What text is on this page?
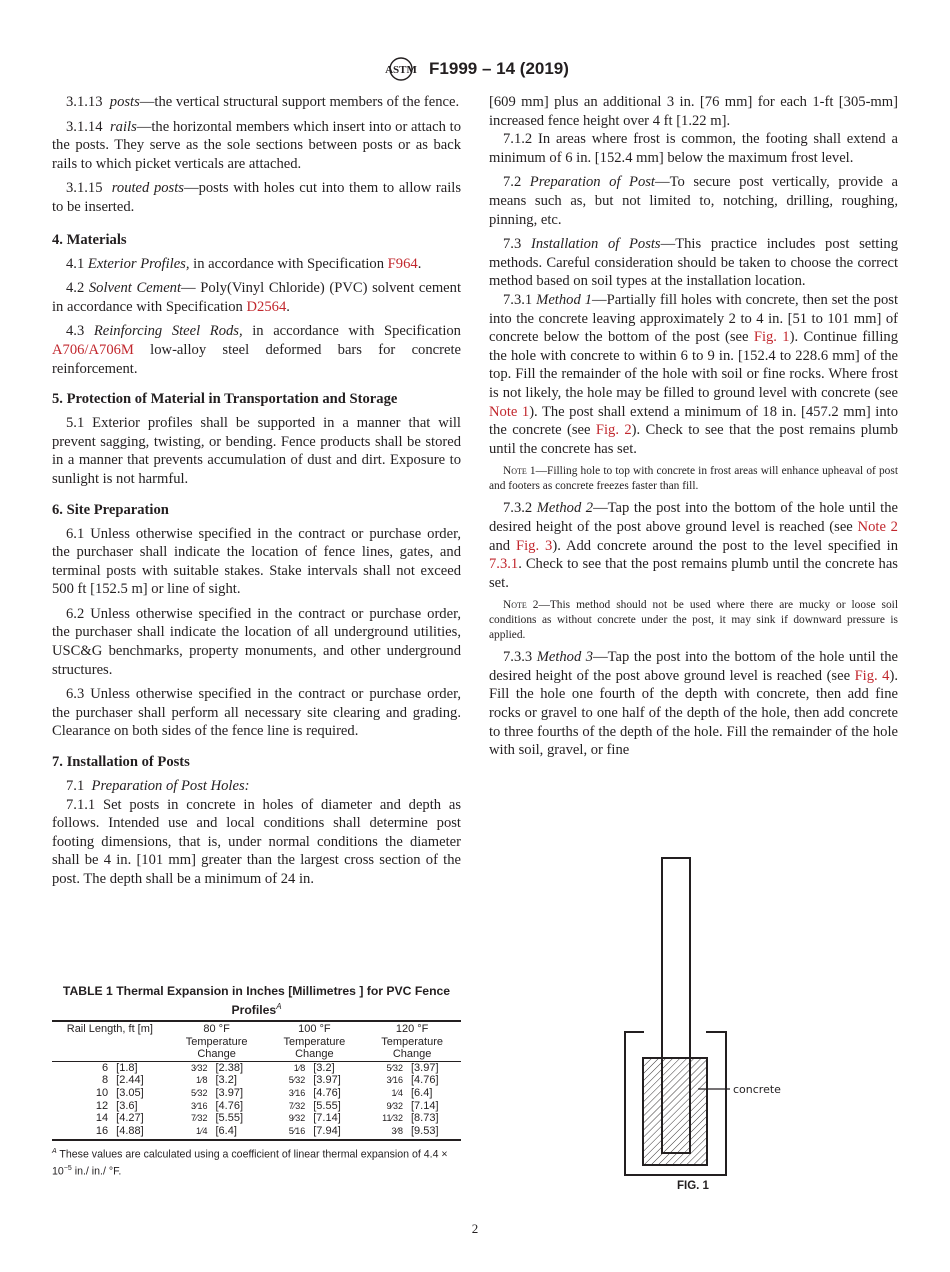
ASTM F1999 – 14 (2019)

3.1.13 posts—the vertical structural support members of the fence.

3.1.14 rails—the horizontal members which insert into or attach to the posts. They serve as the sole sections between posts or as back rails to which picket verticals are attached.

3.1.15 routed posts—posts with holes cut into them to allow rails to be inserted.

4. Materials

4.1 Exterior Profiles, in accordance with Specification F964.

4.2 Solvent Cement— Poly(Vinyl Chloride) (PVC) solvent cement in accordance with Specification D2564.

4.3 Reinforcing Steel Rods, in accordance with Specification A706/A706M low-alloy steel deformed bars for concrete reinforcement.

5. Protection of Material in Transportation and Storage

5.1 Exterior profiles shall be supported in a manner that will prevent sagging, twisting, or bending. Fence products shall be stored in a manner that prevents accumulation of dust and dirt. Exposure to sunlight is not harmful.

6. Site Preparation

6.1 Unless otherwise specified in the contract or purchase order, the purchaser shall indicate the location of fence lines, gates, and terminal posts with suitable stakes. Stake intervals shall not exceed 500 ft [152.5 m] or line of sight.

6.2 Unless otherwise specified in the contract or purchase order, the purchaser shall indicate the location of all underground utilities, USC&G benchmarks, property monuments, and other underground structures.

6.3 Unless otherwise specified in the contract or purchase order, the purchaser shall perform all necessary site clearing and grading. Clearance on both sides of the fence line is required.

7. Installation of Posts

7.1 Preparation of Post Holes:

7.1.1 Set posts in concrete in holes of diameter and depth as follows. Intended use and local conditions shall determine post footing dimensions, that is, under normal conditions the diameter shall be 4 in. [101 mm] greater than the largest cross section of the post. The depth shall be a minimum of 24 in.

TABLE 1 Thermal Expansion in Inches [Millimetres ] for PVC Fence Profiles$^A$
Rail Length, ft [m]		80 °F Temperature Change		100 °F Temperature Change		120 °F Temperature Change	
6	[1.8]	3⁄32	[2.38]	1⁄8	[3.2]	5⁄32	[3.97]
8	[2.44]	1⁄8	[3.2]	5⁄32	[3.97]	3⁄16	[4.76]
10	[3.05]	5⁄32	[3.97]	3⁄16	[4.76]	1⁄4	[6.4]
12	[3.6]	3⁄16	[4.76]	7⁄32	[5.55]	9⁄32	[7.14]
14	[4.27]	7⁄32	[5.55]	9⁄32	[7.14]	11⁄32	[8.73]
16	[4.88]	1⁄4	[6.4]	5⁄16	[7.94]	3⁄8	[9.53]
$^A$ These values are calculated using a coefficient of linear thermal expansion of $4.4 \times 10^{-5}$ in./ in./ °F.

[609 mm] plus an additional 3 in. [76 mm] for each 1-ft [305-mm] increased fence height over 4 ft [1.22 m].

7.1.2 In areas where frost is common, the footing shall extend a minimum of 6 in. [152.4 mm] below the maximum frost level.

7.2 Preparation of Post—To secure post vertically, provide a means such as, but not limited to, notching, drilling, roughing, pinning, etc.

7.3 Installation of Posts—This practice includes post setting methods. Careful consideration should be taken to choose the correct method based on soil types at the installation location.

7.3.1 Method 1—Partially fill holes with concrete, then set the post into the concrete leaving approximately 2 to 4 in. [51 to 101 mm] of concrete below the bottom of the post (see Fig. 1). Continue filling the hole with concrete to within 6 to 9 in. [152.4 to 228.6 mm] of the top. Fill the remainder of the hole with soil or fine rocks. Where frost is not likely, the hole may be filled to ground level with concrete (see Note 1). The post shall extend a minimum of 18 in. [457.2 mm] into the concrete (see Fig. 2). Check to see that the post remains plumb until the concrete has set.

Note 1—Filling hole to top with concrete in frost areas will enhance upheaval of post and footers as concrete freezes faster than fill.

7.3.2 Method 2—Tap the post into the bottom of the hole until the desired height of the post above ground level is reached (see Note 2 and Fig. 3). Add concrete around the post to the level specified in 7.3.1. Check to see that the post remains plumb until the concrete has set.

Note 2—This method should not be used where there are mucky or loose soil conditions as without concrete under the post, it may sink if downward pressure is applied.

7.3.3 Method 3—Tap the post into the bottom of the hole until the desired height of the post above ground level is reached (see Fig. 4). Fill the hole one fourth of the depth with concrete, then add fine rocks or gravel to one half of the depth of the hole, then add concrete to three fourths of the depth of the hole. Fill the remainder of the hole with soil, gravel, or fine

concrete
FIG. 1
2
